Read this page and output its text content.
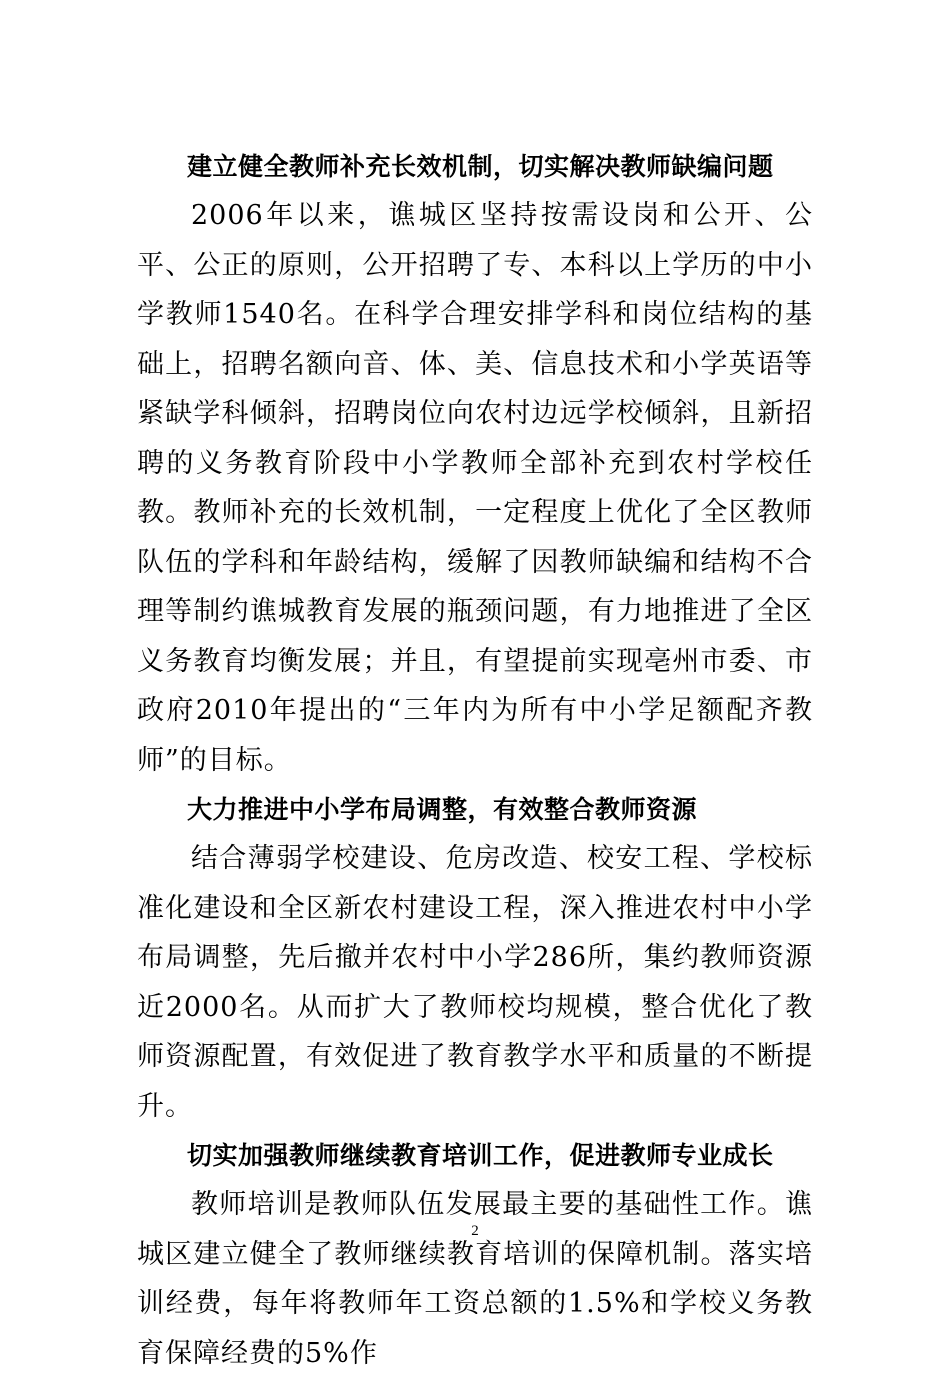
建立健全教师补充长效机制，切实解决教师缺编问题

2006年以来，谯城区坚持按需设岗和公开、公平、公正的原则，公开招聘了专、本科以上学历的中小学教师1540名。在科学合理安排学科和岗位结构的基础上，招聘名额向音、体、美、信息技术和小学英语等紧缺学科倾斜，招聘岗位向农村边远学校倾斜，且新招聘的义务教育阶段中小学教师全部补充到农村学校任教。教师补充的长效机制，一定程度上优化了全区教师队伍的学科和年龄结构，缓解了因教师缺编和结构不合理等制约谯城教育发展的瓶颈问题，有力地推进了全区义务教育均衡发展；并且，有望提前实现亳州市委、市政府2010年提出的“三年内为所有中小学足额配齐教师”的目标。

大力推进中小学布局调整，有效整合教师资源

结合薄弱学校建设、危房改造、校安工程、学校标准化建设和全区新农村建设工程，深入推进农村中小学布局调整，先后撤并农村中小学286所，集约教师资源近2000名。从而扩大了教师校均规模，整合优化了教师资源配置，有效促进了教育教学水平和质量的不断提升。

切实加强教师继续教育培训工作，促进教师专业成长

教师培训是教师队伍发展最主要的基础性工作。谯城区建立健全了教师继续教育培训的保障机制。落实培训经费，每年将教师年工资总额的1.5%和学校义务教育保障经费的5%作

2
